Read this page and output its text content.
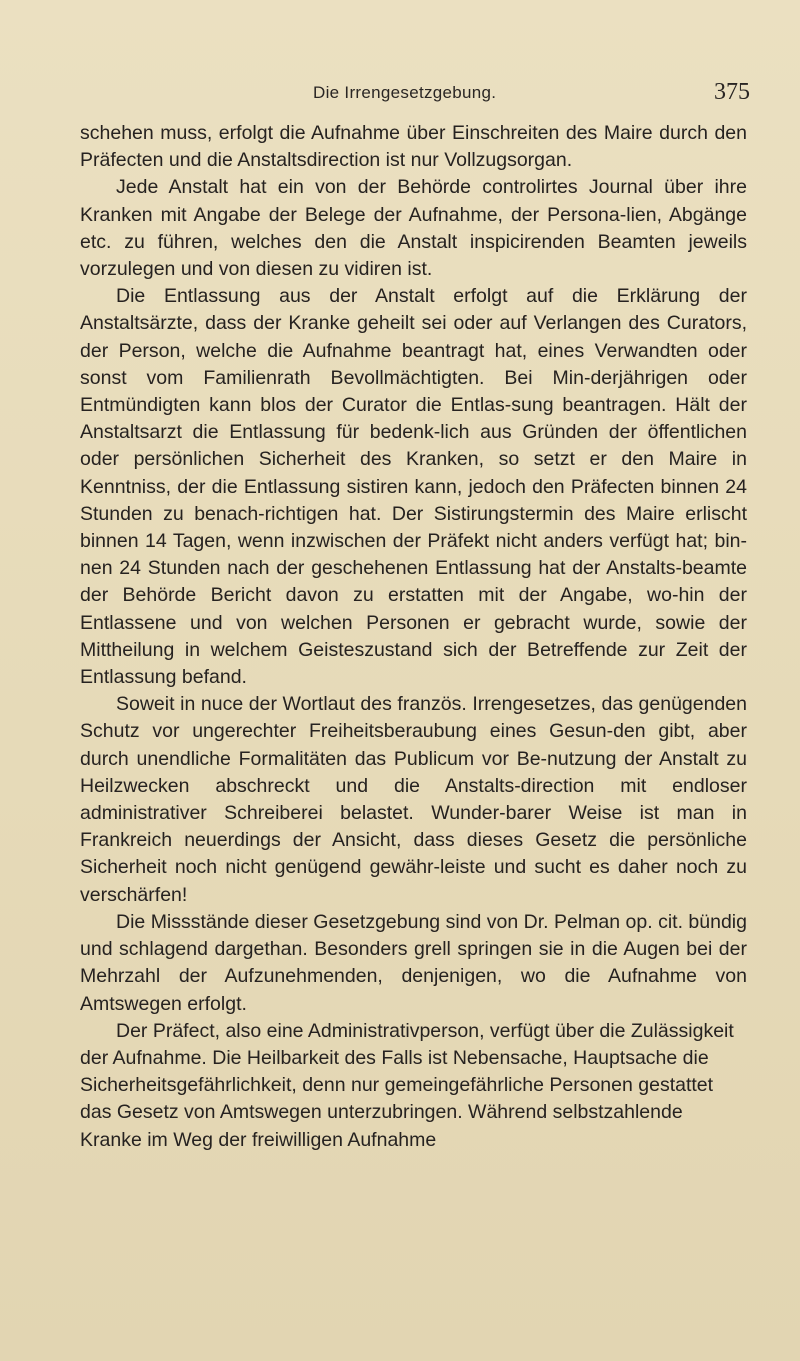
Die Irrengesetzgebung.	375

schehen muss, erfolgt die Aufnahme über Einschreiten des Maire durch den Präfecten und die Anstaltsdirection ist nur Vollzugsorgan.

Jede Anstalt hat ein von der Behörde controlirtes Journal über ihre Kranken mit Angabe der Belege der Aufnahme, der Persona-lien, Abgänge etc. zu führen, welches den die Anstalt inspicirenden Beamten jeweils vorzulegen und von diesen zu vidiren ist.

Die Entlassung aus der Anstalt erfolgt auf die Erklärung der Anstaltsärzte, dass der Kranke geheilt sei oder auf Verlangen des Curators, der Person, welche die Aufnahme beantragt hat, eines Verwandten oder sonst vom Familienrath Bevollmächtigten. Bei Min-derjährigen oder Entmündigten kann blos der Curator die Entlas-sung beantragen. Hält der Anstaltsarzt die Entlassung für bedenk-lich aus Gründen der öffentlichen oder persönlichen Sicherheit des Kranken, so setzt er den Maire in Kenntniss, der die Entlassung sistiren kann, jedoch den Präfecten binnen 24 Stunden zu benach-richtigen hat. Der Sistirungstermin des Maire erlischt binnen 14 Tagen, wenn inzwischen der Präfekt nicht anders verfügt hat; bin-nen 24 Stunden nach der geschehenen Entlassung hat der Anstalts-beamte der Behörde Bericht davon zu erstatten mit der Angabe, wo-hin der Entlassene und von welchen Personen er gebracht wurde, sowie der Mittheilung in welchem Geisteszustand sich der Betreffende zur Zeit der Entlassung befand.

Soweit in nuce der Wortlaut des französ. Irrengesetzes, das genügenden Schutz vor ungerechter Freiheitsberaubung eines Gesun-den gibt, aber durch unendliche Formalitäten das Publicum vor Be-nutzung der Anstalt zu Heilzwecken abschreckt und die Anstalts-direction mit endloser administrativer Schreiberei belastet. Wunder-barer Weise ist man in Frankreich neuerdings der Ansicht, dass dieses Gesetz die persönliche Sicherheit noch nicht genügend gewähr-leiste und sucht es daher noch zu verschärfen!

Die Missstände dieser Gesetzgebung sind von Dr. Pelman op. cit. bündig und schlagend dargethan. Besonders grell springen sie in die Augen bei der Mehrzahl der Aufzunehmenden, denjenigen, wo die Aufnahme von Amtswegen erfolgt.

Der Präfect, also eine Administrativperson, verfügt über die Zulässigkeit der Aufnahme. Die Heilbarkeit des Falls ist Nebensache, Hauptsache die Sicherheitsgefährlichkeit, denn nur gemeingefährliche Personen gestattet das Gesetz von Amtswegen unterzubringen. Während selbstzahlende Kranke im Weg der freiwilligen Aufnahme
